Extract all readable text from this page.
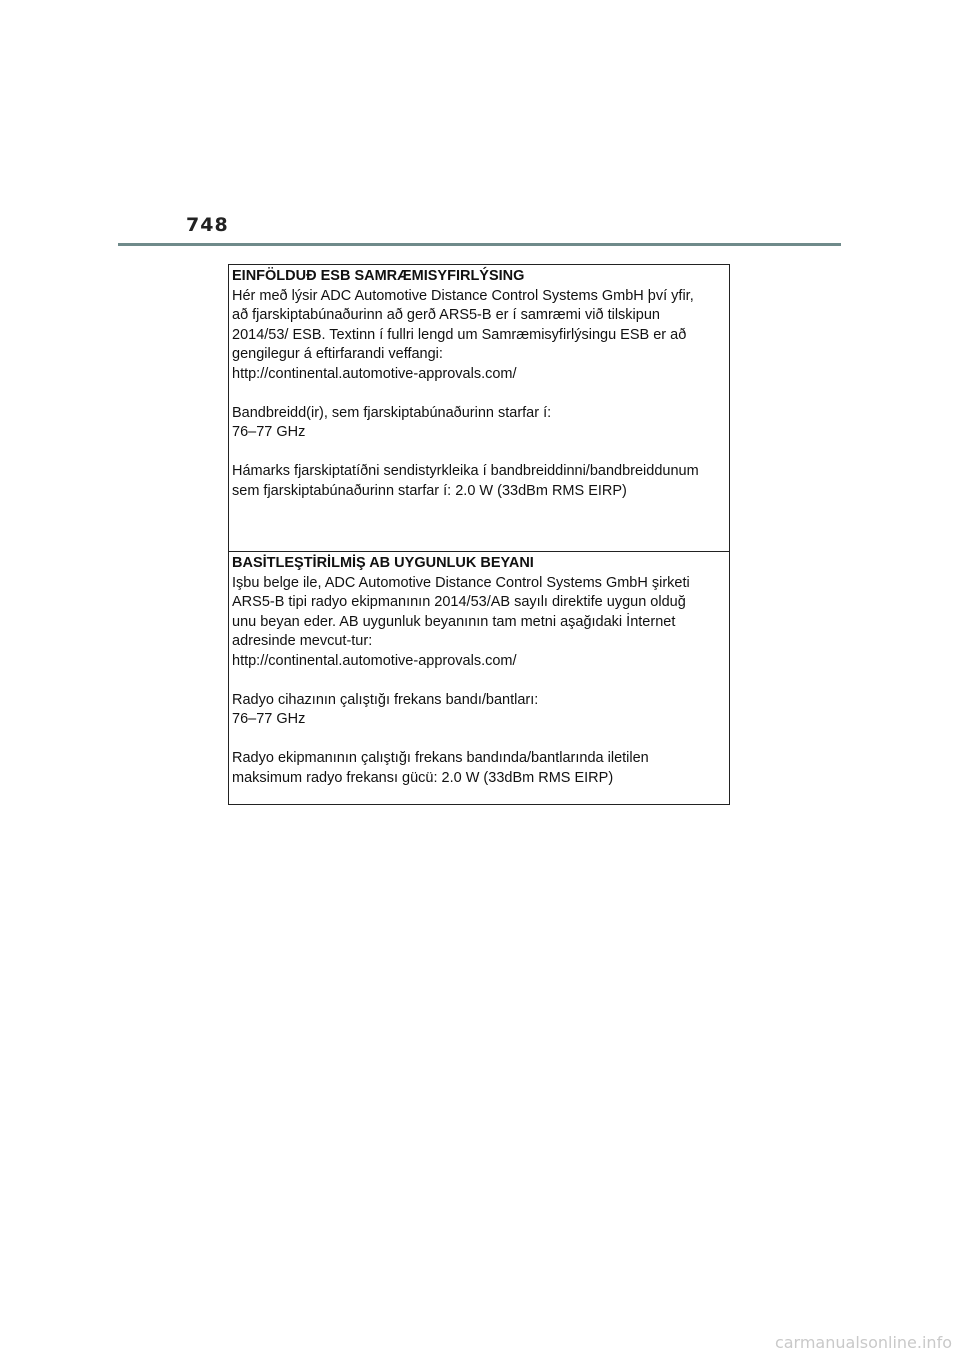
748

EINFÖLDUÐ ESB SAMRÆMISYFIRLÝSING

Hér með lýsir ADC Automotive Distance Control Systems GmbH því yfir,
að fjarskiptabúnaðurinn að gerð ARS5-B er í samræmi við tilskipun
2014/53/ ESB. Textinn í fullri lengd um Samræmisyfirlýsingu ESB er að
gengilegur á eftirfarandi veffangi:
http://continental.automotive-approvals.com/

Bandbreidd(ir), sem fjarskiptabúnaðurinn starfar í:
76–77 GHz

Hámarks fjarskiptatíðni sendistyrkleika í bandbreiddinni/bandbreiddunum
sem fjarskiptabúnaðurinn starfar í: 2.0 W (33dBm RMS EIRP)

BASİTLEŞTİRİLMİŞ AB UYGUNLUK BEYANI

Işbu belge ile, ADC Automotive Distance Control Systems GmbH şirketi
ARS5-B tipi radyo ekipmanının 2014/53/AB sayılı direktife uygun olduğ
unu beyan eder. AB uygunluk beyanının tam metni aşağıdaki İnternet
adresinde mevcut-tur:
http://continental.automotive-approvals.com/

Radyo cihazının çalıştığı frekans bandı/bantları:
76–77 GHz

Radyo ekipmanının çalıştığı frekans bandında/bantlarında iletilen
maksimum radyo frekansı gücü: 2.0 W (33dBm RMS EIRP)

carmanualsonline.info
